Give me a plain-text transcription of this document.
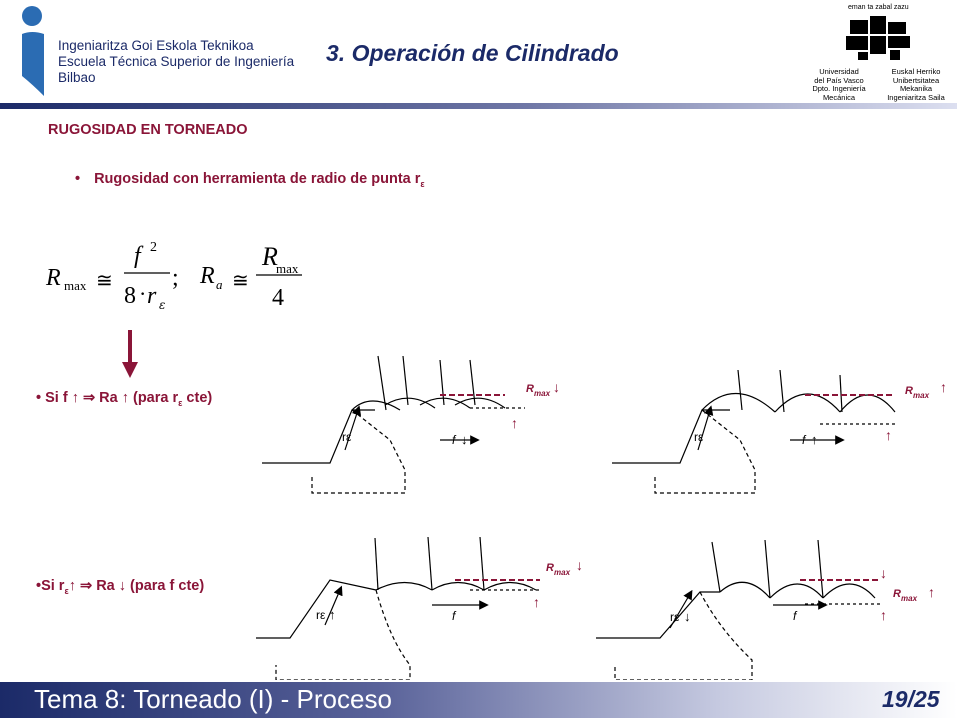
Ingeniaritza Goi Eskola Teknikoa
Escuela Técnica Superior de Ingeniería
Bilbao
3. Operación de Cilindrado
eman ta zabal zazu
Universidad
del País Vasco
Dpto. Ingeniería
Mecánica
Euskal Herriko
Unibertsitatea
Mekanika
Ingeniaritza Saila
RUGOSIDAD EN TORNEADO
• Rugosidad con herramienta de radio de punta $r_\varepsilon$
R max ≅
f 2
8 · r ε
; R a ≅
R
max
4
• Si f ↑ ⇒ Ra ↑ (para $r_\varepsilon$ cte)
•Si $r_\varepsilon↑$ ⇒ Ra ↓ (para f cte)
rε	f ↓
R max ↓
↑
rε	f ↑
R max
↑
↑
rε ↑	f
R max ↓
↑
rε ↓	f
R max ↑
↓
↑
Tema 8: Torneado (I) - Proceso	19/25
